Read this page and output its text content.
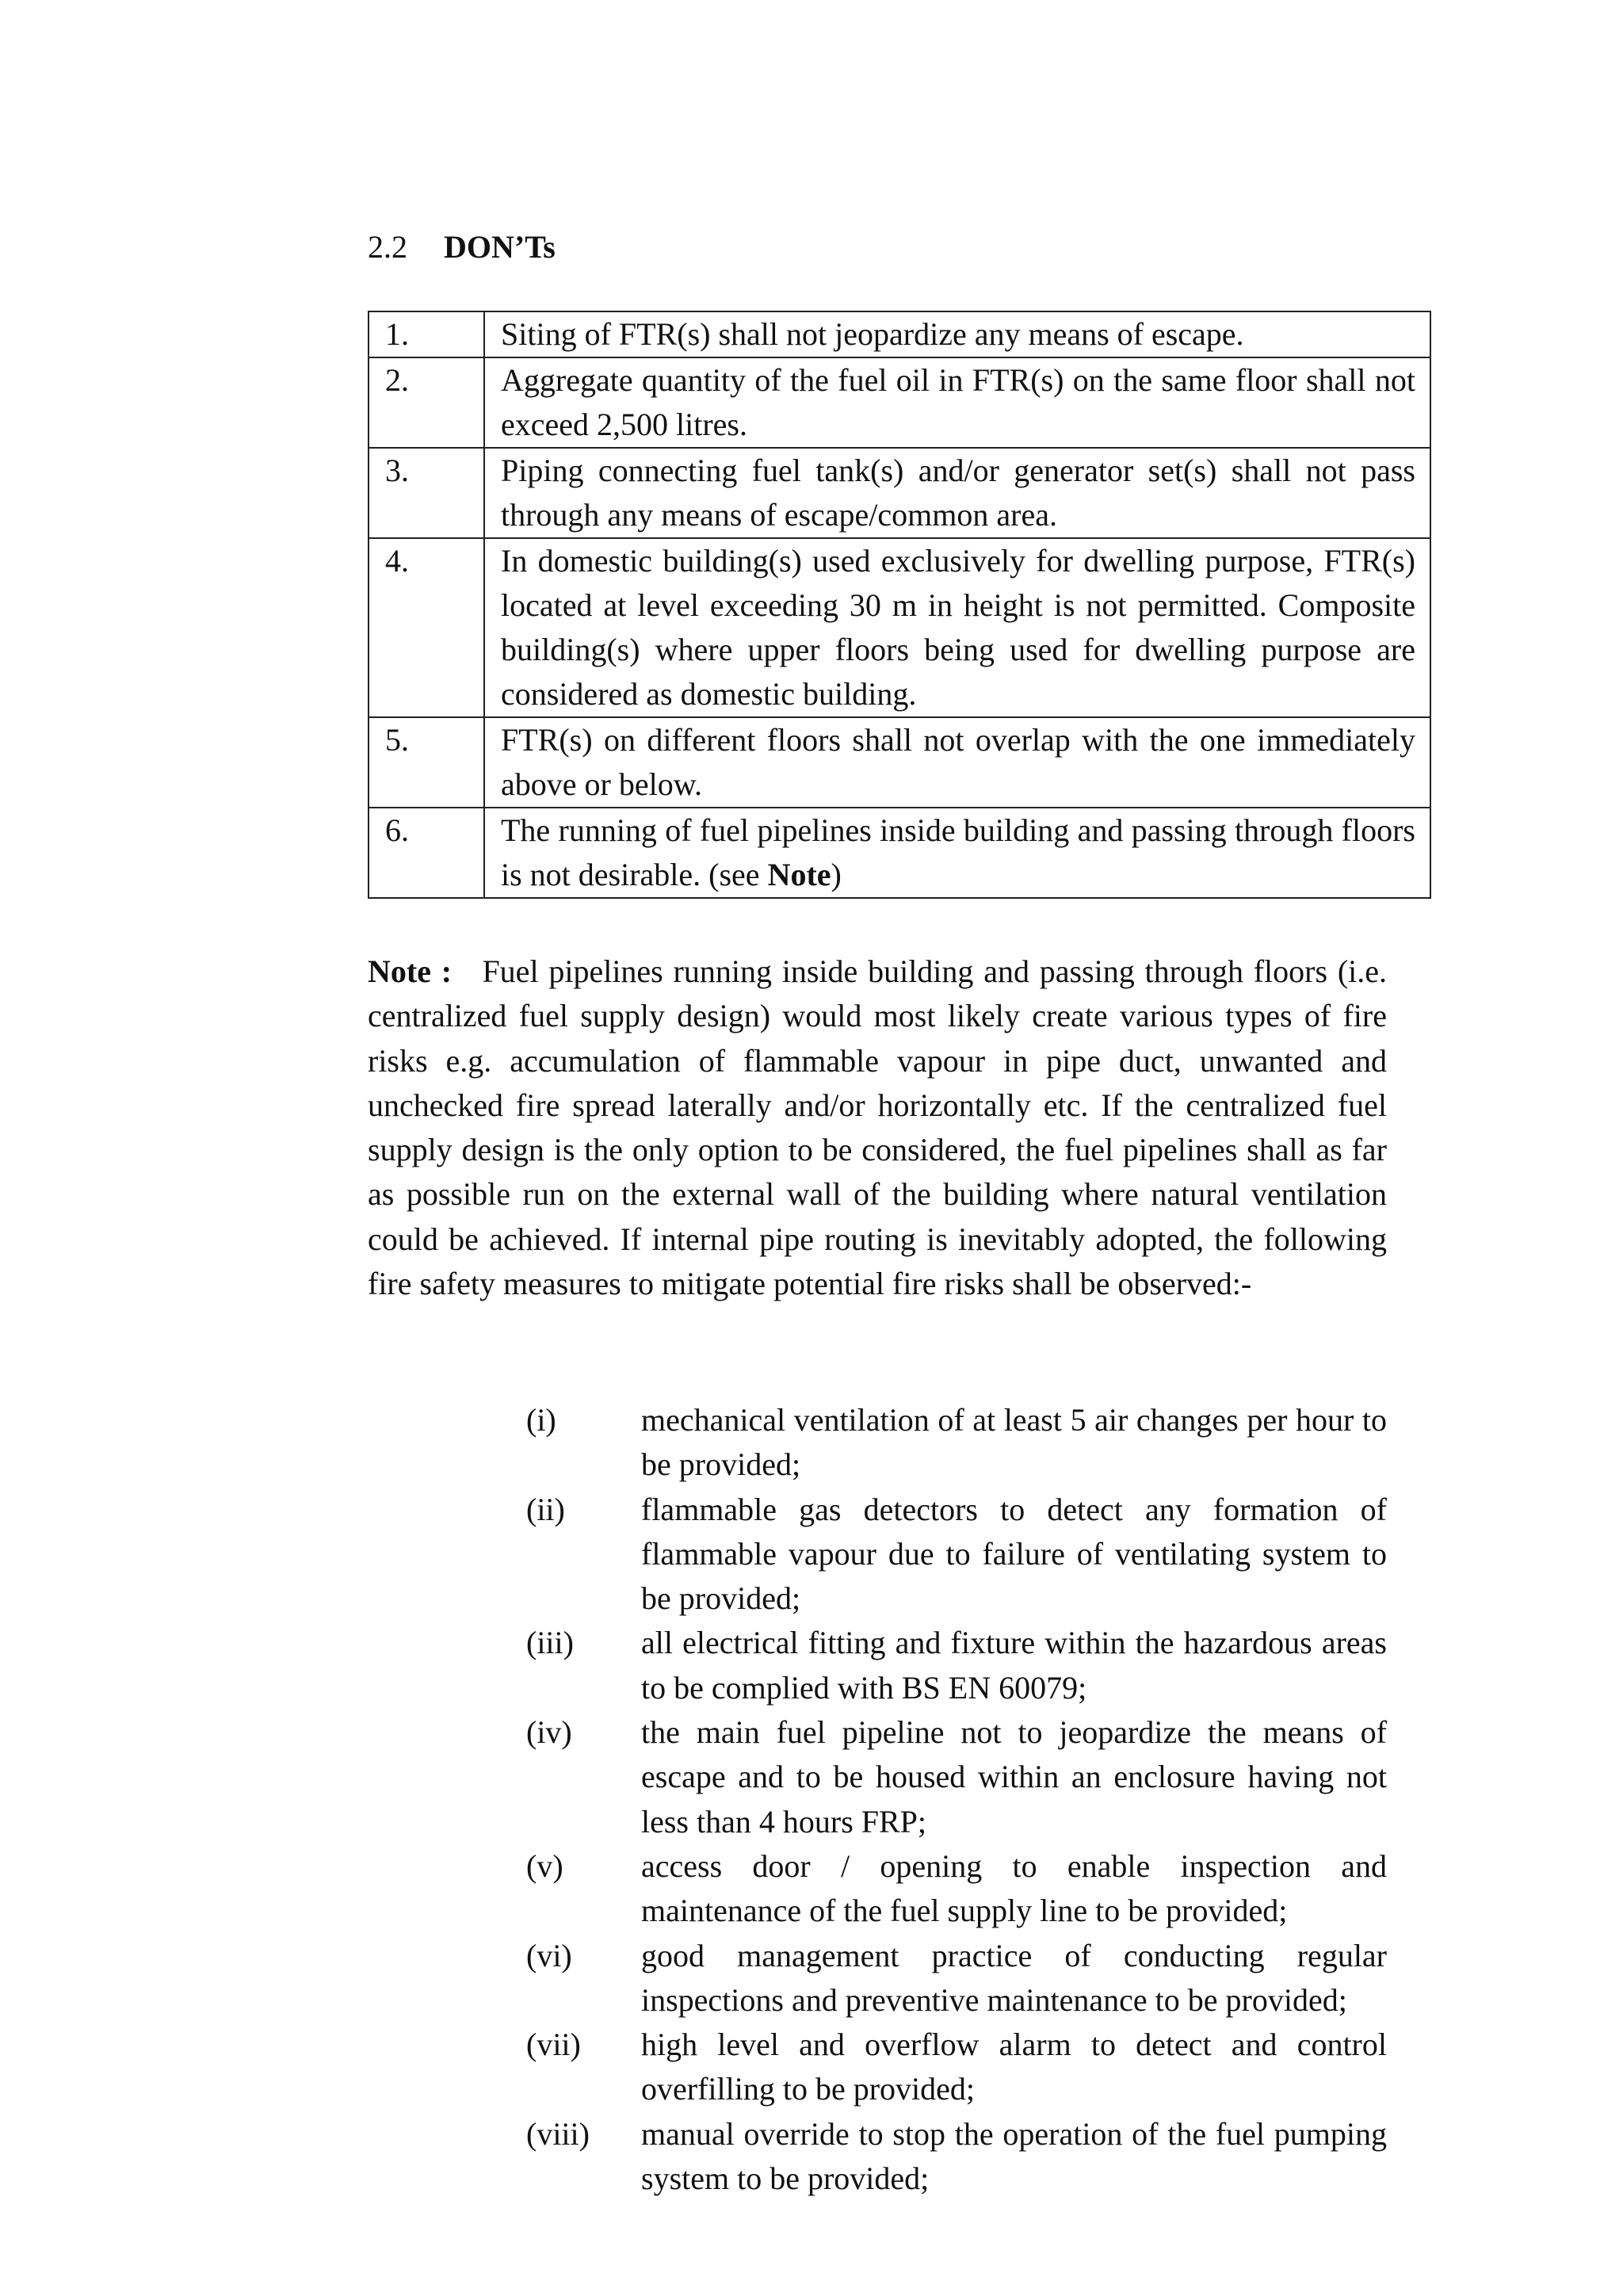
2.2 DON’Ts
1.	Siting of FTR(s) shall not jeopardize any means of escape.
2.	Aggregate quantity of the fuel oil in FTR(s) on the same floor shall not exceed 2,500 litres.
3.	Piping connecting fuel tank(s) and/or generator set(s) shall not pass through any means of escape/common area.
4.	In domestic building(s) used exclusively for dwelling purpose, FTR(s) located at level exceeding 30 m in height is not permitted. Composite building(s) where upper floors being used for dwelling purpose are considered as domestic building.
5.	FTR(s) on different floors shall not overlap with the one immediately above or below.
6.	The running of fuel pipelines inside building and passing through floors is not desirable. (see Note)
Note : Fuel pipelines running inside building and passing through floors (i.e. centralized fuel supply design) would most likely create various types of fire risks e.g. accumulation of flammable vapour in pipe duct, unwanted and unchecked fire spread laterally and/or horizontally etc. If the centralized fuel supply design is the only option to be considered, the fuel pipelines shall as far as possible run on the external wall of the building where natural ventilation could be achieved. If internal pipe routing is inevitably adopted, the following fire safety measures to mitigate potential fire risks shall be observed:-
(i)	mechanical ventilation of at least 5 air changes per hour to be provided;
(ii)	flammable gas detectors to detect any formation of flammable vapour due to failure of ventilating system to be provided;
(iii)	all electrical fitting and fixture within the hazardous areas to be complied with BS EN 60079;
(iv)	the main fuel pipeline not to jeopardize the means of escape and to be housed within an enclosure having not less than 4 hours FRP;
(v)	access door / opening to enable inspection and maintenance of the fuel supply line to be provided;
(vi)	good management practice of conducting regular inspections and preventive maintenance to be provided;
(vii)	high level and overflow alarm to detect and control overfilling to be provided;
(viii)	manual override to stop the operation of the fuel pumping system to be provided;
